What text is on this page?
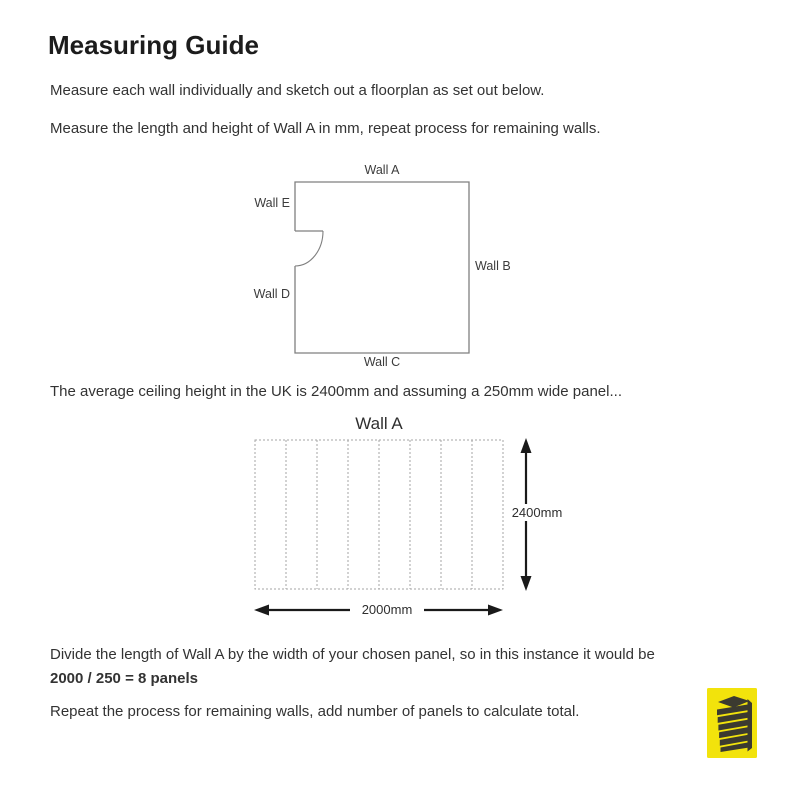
Measuring Guide
Measure each wall individually and sketch out a floorplan as set out below.
Measure the length and height of Wall A in mm, repeat process for remaining walls.
Wall A
Wall E
Wall B
Wall D
Wall C
The average ceiling height in the UK is 2400mm and assuming a 250mm wide panel...
Wall A
2400mm
2000mm
Divide the length of Wall A by the width of your chosen panel, so in this instance it would be
2000 / 250 = 8 panels
Repeat the process for remaining walls, add number of panels to calculate total.
